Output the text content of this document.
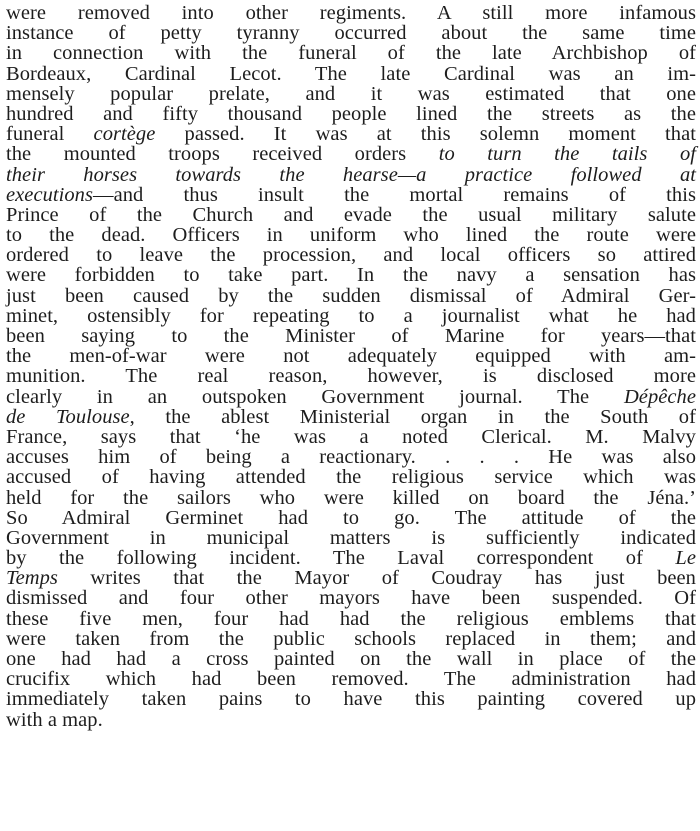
were removed into other regiments. A still more infamous
instance of petty tyranny occurred about the same time
in connection with the funeral of the late Archbishop of
Bordeaux, Cardinal Lecot. The late Cardinal was an im-
mensely popular prelate, and it was estimated that one
hundred and fifty thousand people lined the streets as the
funeral cortège passed. It was at this solemn moment that
the mounted troops received orders to turn the tails of
their horses towards the hearse—a practice followed at
executions—and thus insult the mortal remains of this
Prince of the Church and evade the usual military salute
to the dead. Officers in uniform who lined the route were
ordered to leave the procession, and local officers so attired
were forbidden to take part. In the navy a sensation has
just been caused by the sudden dismissal of Admiral Ger-
minet, ostensibly for repeating to a journalist what he had
been saying to the Minister of Marine for years—that
the men-of-war were not adequately equipped with am-
munition. The real reason, however, is disclosed more
clearly in an outspoken Government journal. The Dépêche
de Toulouse, the ablest Ministerial organ in the South of
France, says that ‘he was a noted Clerical. M. Malvy
accuses him of being a reactionary. . . . He was also
accused of having attended the religious service which was
held for the sailors who were killed on board the Jéna.’
So Admiral Germinet had to go. The attitude of the
Government in municipal matters is sufficiently indicated
by the following incident. The Laval correspondent of Le
Temps writes that the Mayor of Coudray has just been
dismissed and four other mayors have been suspended. Of
these five men, four had had the religious emblems that
were taken from the public schools replaced in them; and
one had had a cross painted on the wall in place of the
crucifix which had been removed. The administration had
immediately taken pains to have this painting covered up
with a map.
